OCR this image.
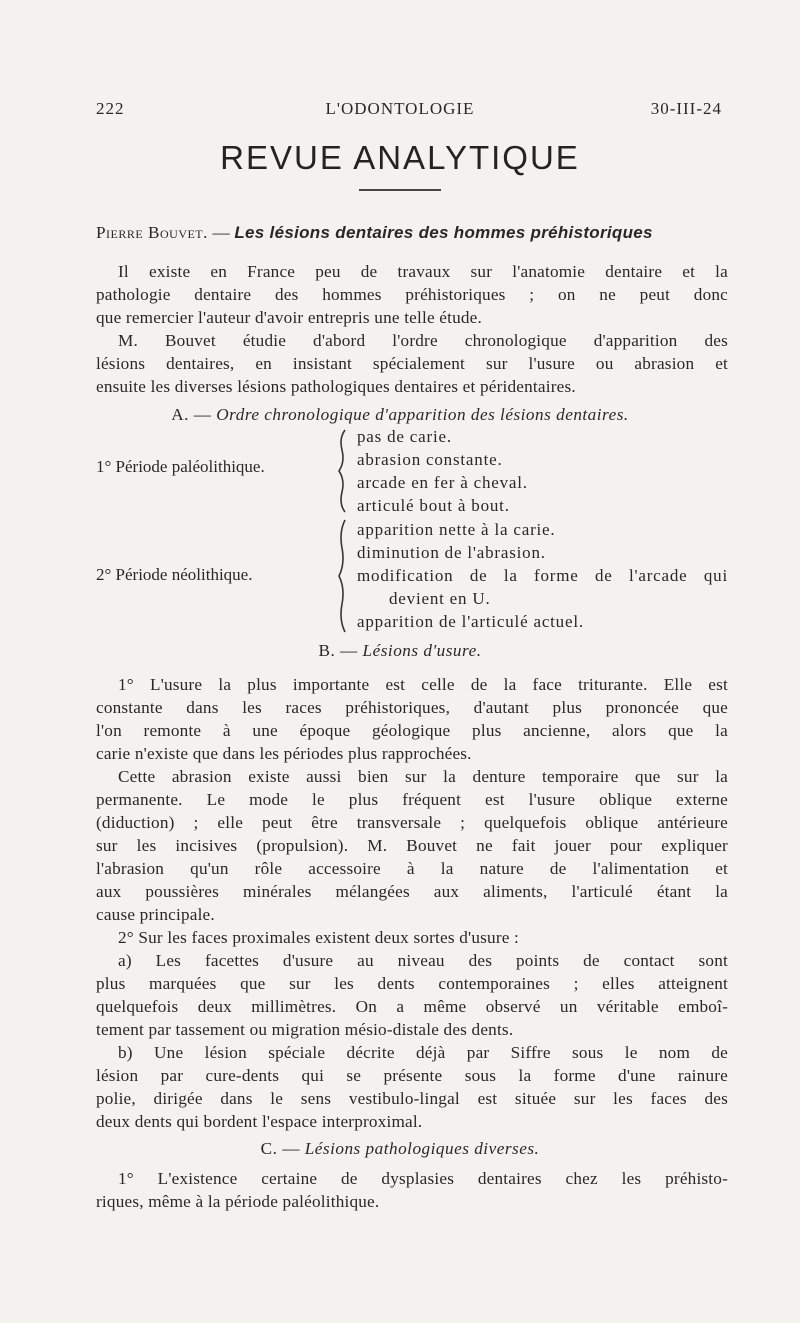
222	L'ODONTOLOGIE	30-III-24
REVUE ANALYTIQUE
Pierre Bouvet. — Les lésions dentaires des hommes préhistoriques
Il existe en France peu de travaux sur l'anatomie dentaire et la
pathologie dentaire des hommes préhistoriques ; on ne peut donc
que remercier l'auteur d'avoir entrepris une telle étude.
M. Bouvet étudie d'abord l'ordre chronologique d'apparition des
lésions dentaires, en insistant spécialement sur l'usure ou abrasion et
ensuite les diverses lésions pathologiques dentaires et péridentaires.
A. — Ordre chronologique d'apparition des lésions dentaires.
1° Période paléolithique.
pas de carie.
abrasion constante.
arcade en fer à cheval.
articulé bout à bout.
2° Période néolithique.
apparition nette à la carie.
diminution de l'abrasion.
modification de la forme de l'arcade qui
devient en U.
apparition de l'articulé actuel.
B. — Lésions d'usure.
1° L'usure la plus importante est celle de la face triturante. Elle est
constante dans les races préhistoriques, d'autant plus prononcée que
l'on remonte à une époque géologique plus ancienne, alors que la
carie n'existe que dans les périodes plus rapprochées.
Cette abrasion existe aussi bien sur la denture temporaire que sur la
permanente. Le mode le plus fréquent est l'usure oblique externe
(diduction) ; elle peut être transversale ; quelquefois oblique antérieure
sur les incisives (propulsion). M. Bouvet ne fait jouer pour expliquer
l'abrasion qu'un rôle accessoire à la nature de l'alimentation et
aux poussières minérales mélangées aux aliments, l'articulé étant la
cause principale.
2° Sur les faces proximales existent deux sortes d'usure :
a) Les facettes d'usure au niveau des points de contact sont
plus marquées que sur les dents contemporaines ; elles atteignent
quelquefois deux millimètres. On a même observé un véritable emboî-
tement par tassement ou migration mésio-distale des dents.
b) Une lésion spéciale décrite déjà par Siffre sous le nom de
lésion par cure-dents qui se présente sous la forme d'une rainure
polie, dirigée dans le sens vestibulo-lingal est située sur les faces des
deux dents qui bordent l'espace interproximal.
C. — Lésions pathologiques diverses.
1° L'existence certaine de dysplasies dentaires chez les préhisto-
riques, même à la période paléolithique.
